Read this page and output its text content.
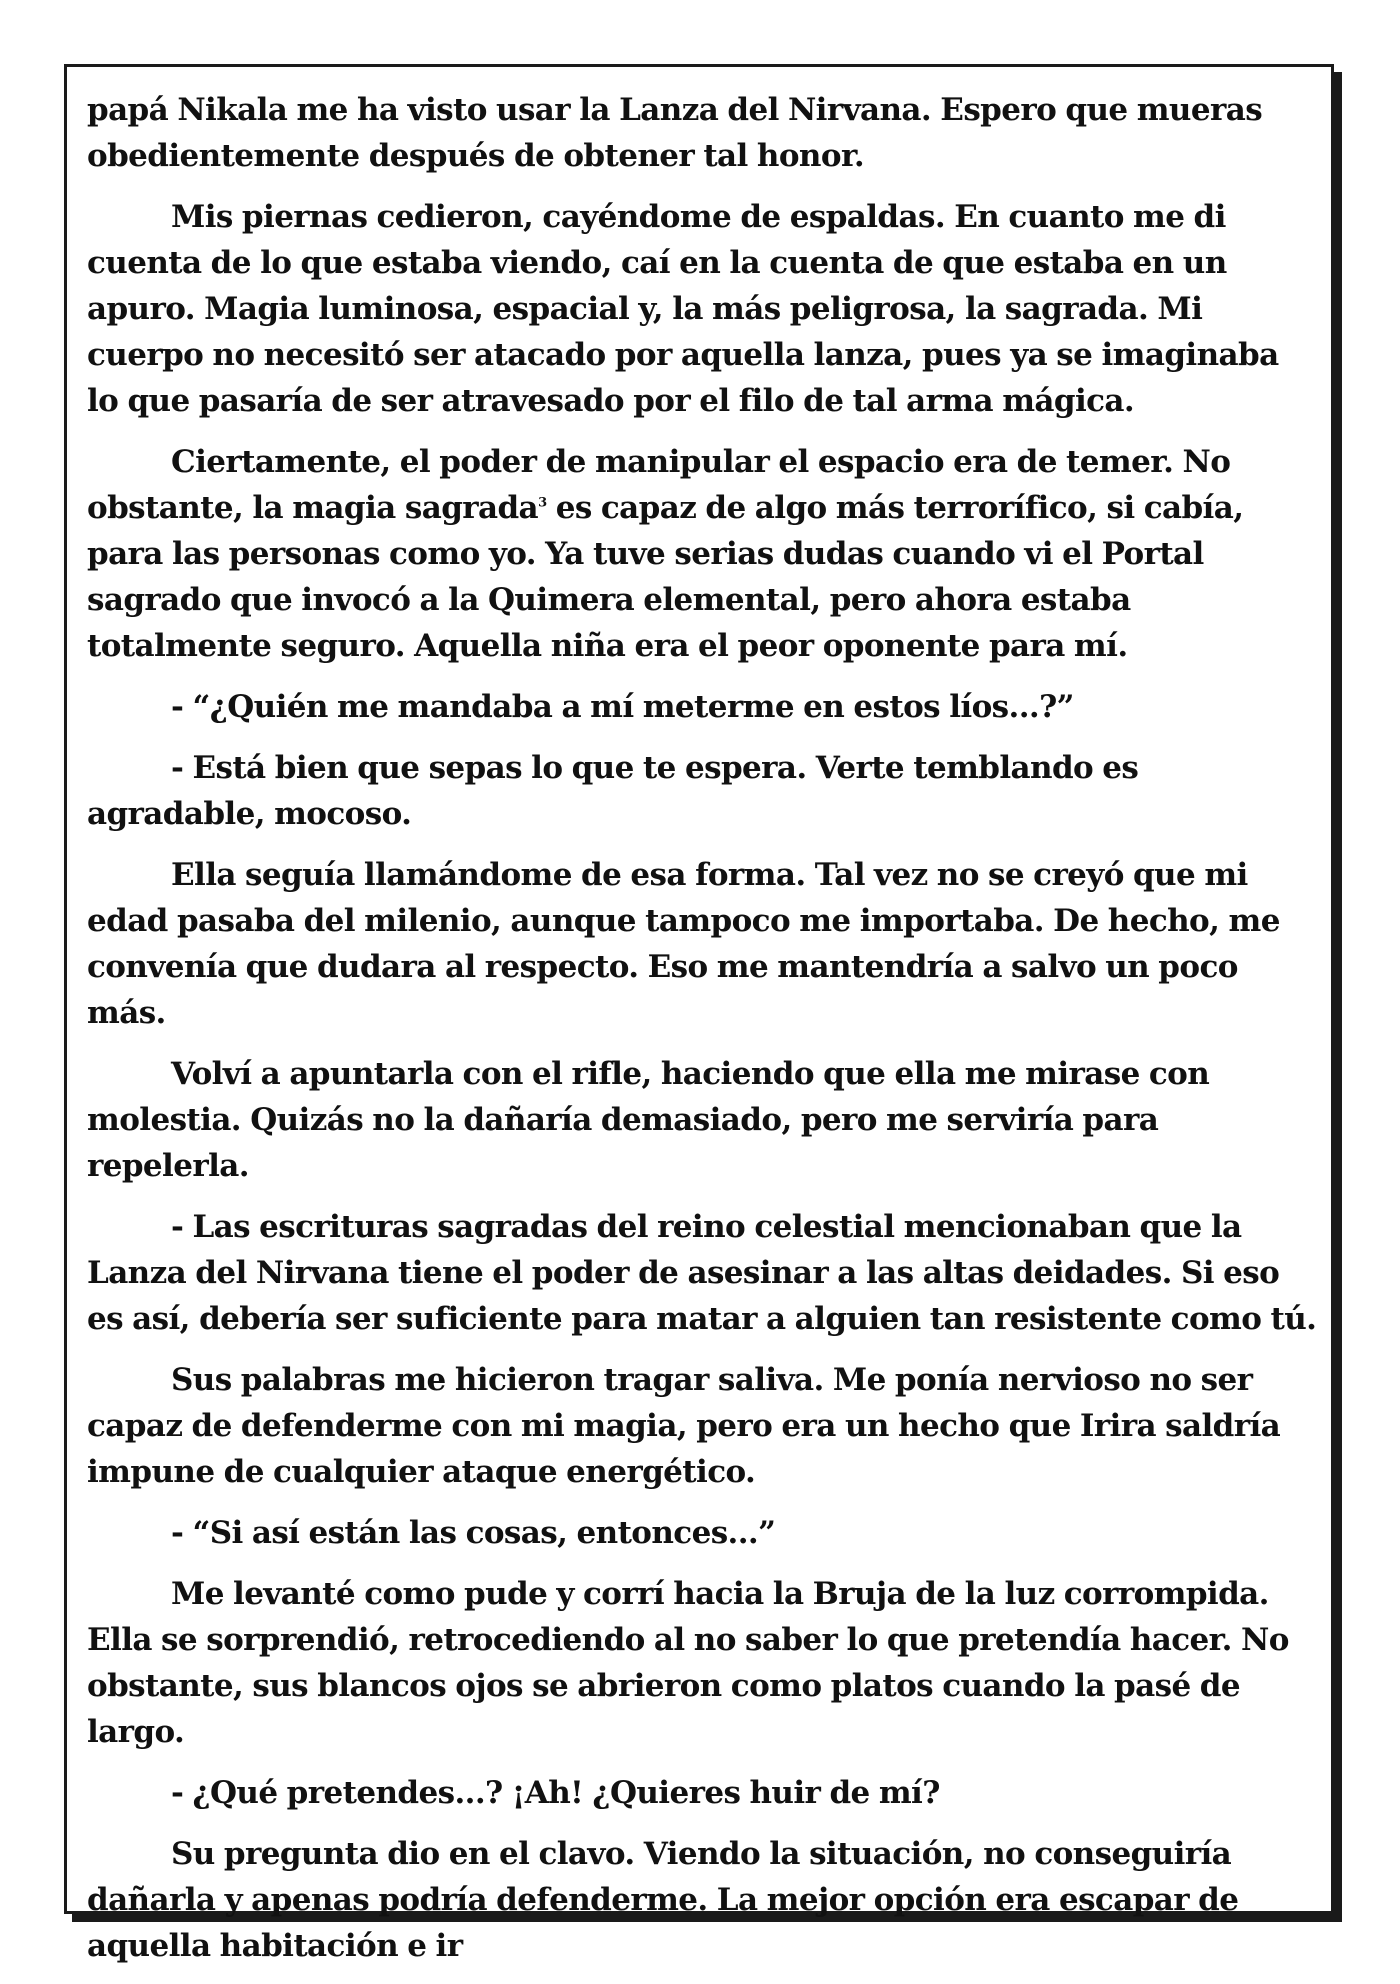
papá Nikala me ha visto usar la Lanza del Nirvana. Espero que mueras obedientemente después de obtener tal honor.

Mis piernas cedieron, cayéndome de espaldas. En cuanto me di cuenta de lo que estaba viendo, caí en la cuenta de que estaba en un apuro. Magia luminosa, espacial y, la más peligrosa, la sagrada. Mi cuerpo no necesitó ser atacado por aquella lanza, pues ya se imaginaba lo que pasaría de ser atravesado por el filo de tal arma mágica.

Ciertamente, el poder de manipular el espacio era de temer. No obstante, la magia sagrada$^3$ es capaz de algo más terrorífico, si cabía, para las personas como yo. Ya tuve serias dudas cuando vi el Portal sagrado que invocó a la Quimera elemental, pero ahora estaba totalmente seguro. Aquella niña era el peor oponente para mí.

- “¿Quién me mandaba a mí meterme en estos líos...?”

- Está bien que sepas lo que te espera. Verte temblando es agradable, mocoso.

Ella seguía llamándome de esa forma. Tal vez no se creyó que mi edad pasaba del milenio, aunque tampoco me importaba. De hecho, me convenía que dudara al respecto. Eso me mantendría a salvo un poco más.

Volví a apuntarla con el rifle, haciendo que ella me mirase con molestia. Quizás no la dañaría demasiado, pero me serviría para repelerla.

- Las escrituras sagradas del reino celestial mencionaban que la Lanza del Nirvana tiene el poder de asesinar a las altas deidades. Si eso es así, debería ser suficiente para matar a alguien tan resistente como tú.

Sus palabras me hicieron tragar saliva. Me ponía nervioso no ser capaz de defenderme con mi magia, pero era un hecho que Irira saldría impune de cualquier ataque energético.

- “Si así están las cosas, entonces...”

Me levanté como pude y corrí hacia la Bruja de la luz corrompida. Ella se sorprendió, retrocediendo al no saber lo que pretendía hacer. No obstante, sus blancos ojos se abrieron como platos cuando la pasé de largo.

- ¿Qué pretendes...? ¡Ah! ¿Quieres huir de mí?

Su pregunta dio en el clavo. Viendo la situación, no conseguiría dañarla y apenas podría defenderme. La mejor opción era escapar de aquella habitación e ir
